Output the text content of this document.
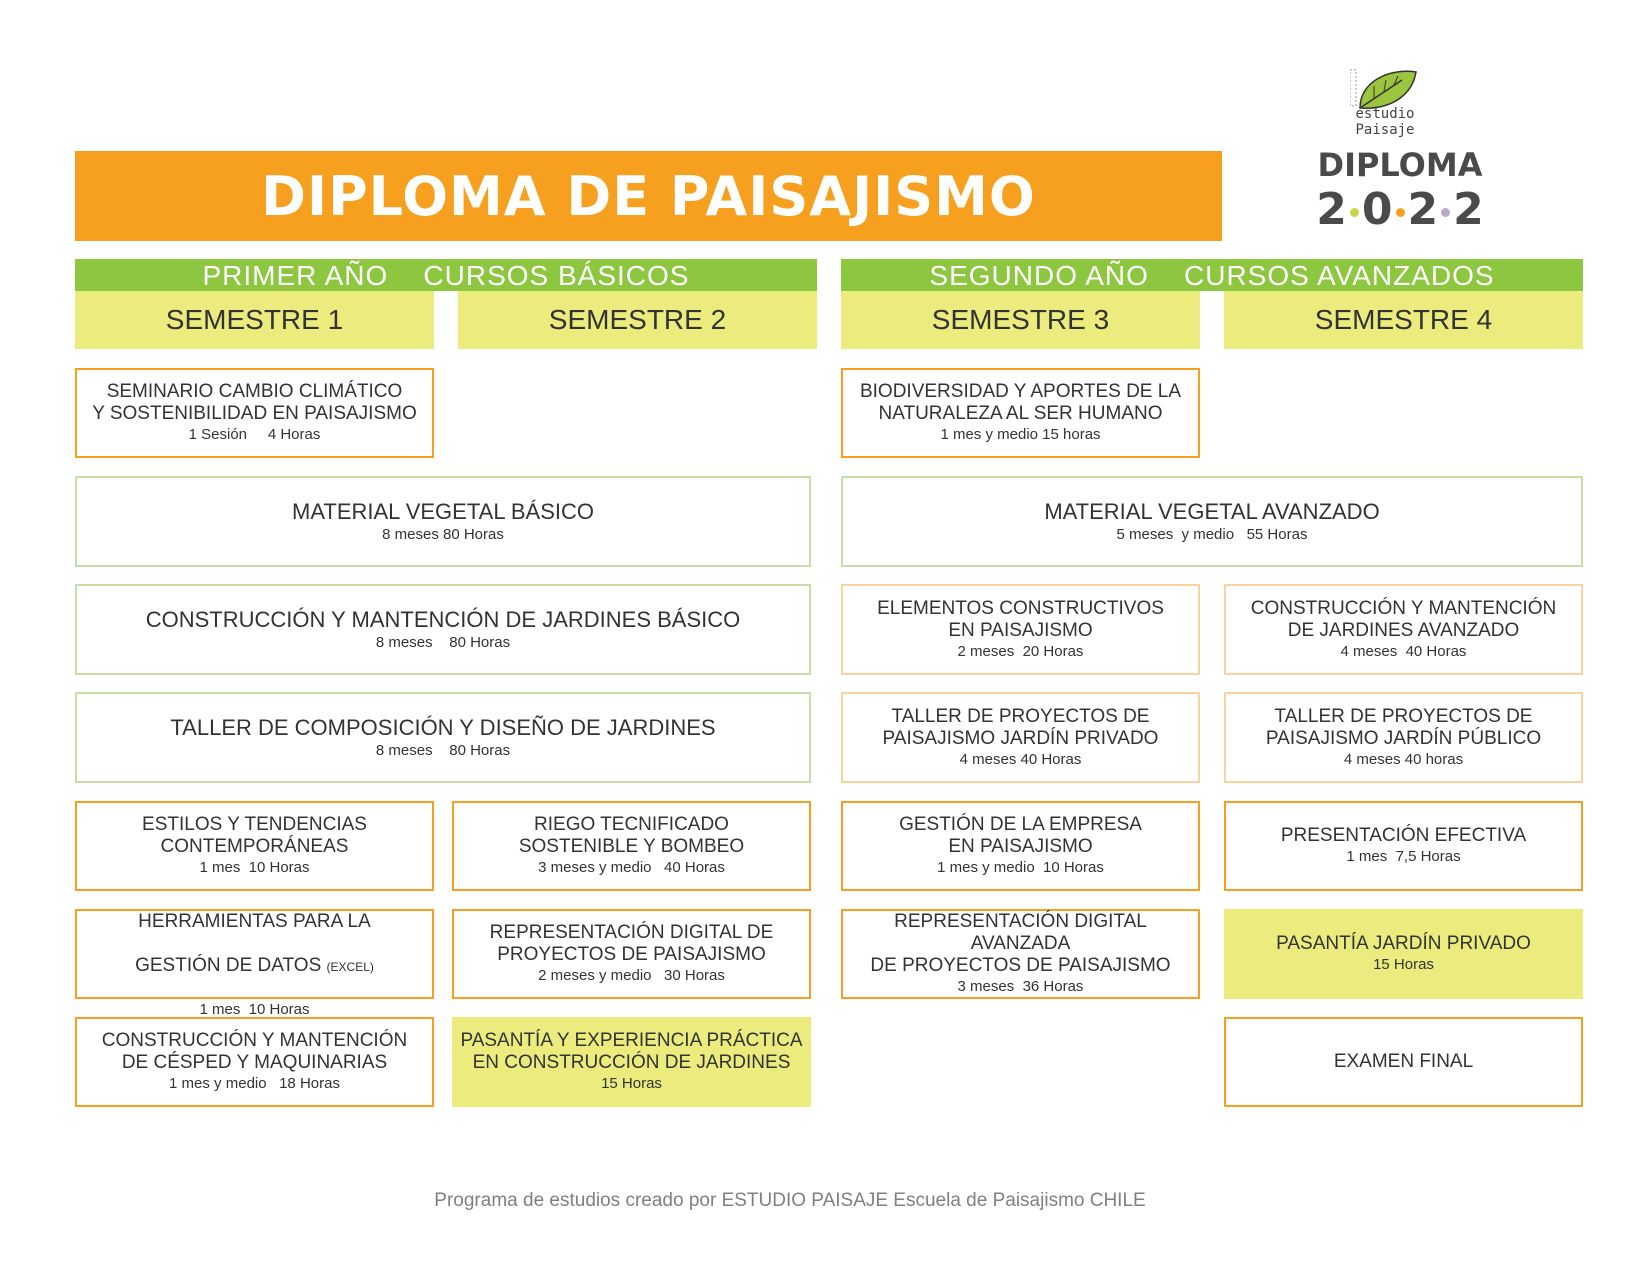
estudio
Paisaje
DIPLOMA
2 0 2 2
DIPLOMA DE PAISAJISMO
PRIMER AÑO    CURSOS BÁSICOS	SEGUNDO AÑO    CURSOS AVANZADOS
SEMESTRE 1	SEMESTRE 2	SEMESTRE 3	SEMESTRE 4
SEMINARIO CAMBIO CLIMÁTICO
Y SOSTENIBILIDAD EN PAISAJISMO
1 Sesión     4 Horas
BIODIVERSIDAD Y APORTES DE LA
NATURALEZA AL SER HUMANO
1 mes y medio 15 horas
MATERIAL VEGETAL BÁSICO
8 meses 80 Horas
MATERIAL VEGETAL AVANZADO
5 meses  y medio   55 Horas
CONSTRUCCIÓN Y MANTENCIÓN DE JARDINES BÁSICO
8 meses    80 Horas
ELEMENTOS CONSTRUCTIVOS
EN PAISAJISMO
2 meses  20 Horas
CONSTRUCCIÓN Y MANTENCIÓN
DE JARDINES AVANZADO
4 meses  40 Horas
TALLER DE COMPOSICIÓN Y DISEÑO DE JARDINES
8 meses    80 Horas
TALLER DE PROYECTOS DE
PAISAJISMO JARDÍN PRIVADO
4 meses 40 Horas
TALLER DE PROYECTOS DE
PAISAJISMO JARDÍN PÚBLICO
4 meses 40 horas
ESTILOS Y TENDENCIAS
CONTEMPORÁNEAS
1 mes  10 Horas
RIEGO TECNIFICADO
SOSTENIBLE Y BOMBEO
3 meses y medio   40 Horas
GESTIÓN DE LA EMPRESA
EN PAISAJISMO
1 mes y medio  10 Horas
PRESENTACIÓN EFECTIVA
1 mes  7,5 Horas

HERRAMIENTAS PARA LA

GESTIÓN DE DATOS (EXCEL)

1 mes  10 Horas
REPRESENTACIÓN DIGITAL DE
PROYECTOS DE PAISAJISMO
2 meses y medio   30 Horas
REPRESENTACIÓN DIGITAL AVANZADA
DE PROYECTOS DE PAISAJISMO
3 meses  36 Horas
PASANTÍA JARDÍN PRIVADO
15 Horas
CONSTRUCCIÓN Y MANTENCIÓN
DE CÉSPED Y MAQUINARIAS
1 mes y medio   18 Horas
PASANTÍA Y EXPERIENCIA PRÁCTICA
EN CONSTRUCCIÓN DE JARDINES
15 Horas
EXAMEN FINAL
Programa de estudios creado por ESTUDIO PAISAJE Escuela de Paisajismo CHILE
